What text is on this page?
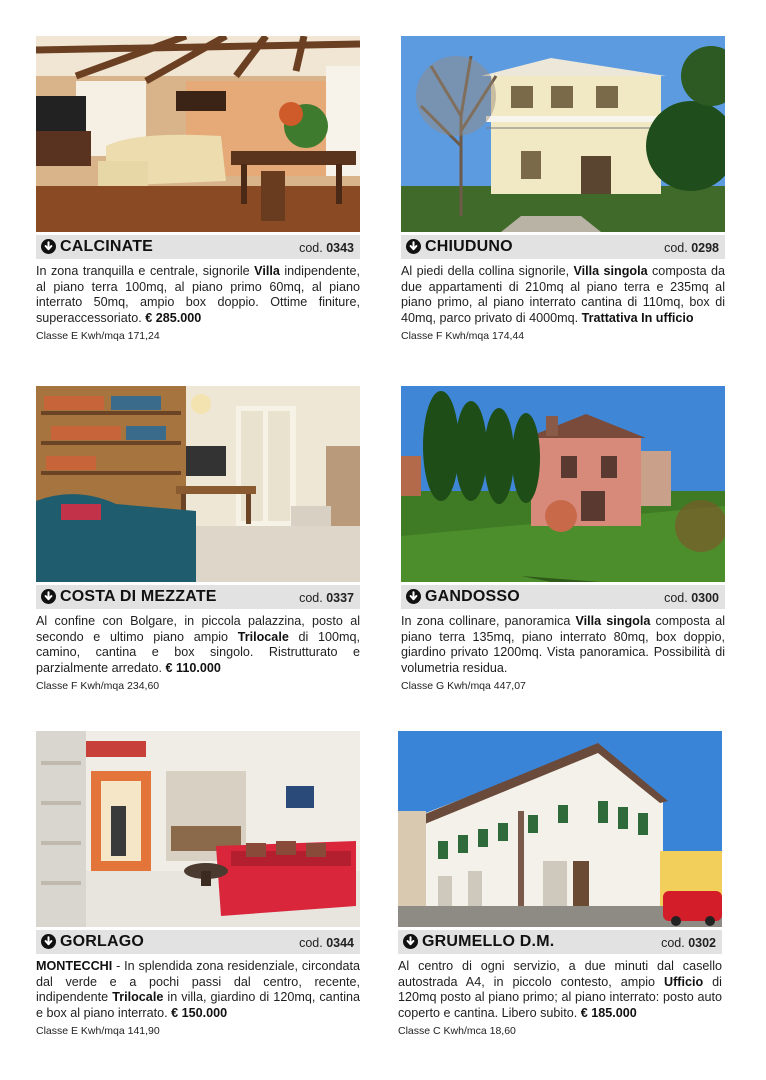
CALCINATE	cod. 0343
In zona tranquilla e centrale, signorile Villa indipendente, al piano terra 100mq, al piano primo 60mq, al piano interrato 50mq, ampio box doppio. Ottime finiture, superaccessoriato. € 285.000
Classe E Kwh/mqa 171,24
CHIUDUNO	cod. 0298
Al piedi della collina signorile, Villa singola composta da due appartamenti di 210mq al piano terra e 235mq al piano primo, al piano interrato cantina di 110mq, box di 40mq, parco privato di 4000mq. Trattativa In ufficio
Classe F Kwh/mqa 174,44
COSTA DI MEZZATE	cod. 0337
Al confine con Bolgare, in piccola palazzina, posto al secondo e ultimo piano ampio Trilocale di 100mq, camino, cantina e box singolo. Ristrutturato e parzialmente arredato. € 110.000
Classe F Kwh/mqa 234,60
GANDOSSO	cod. 0300
In zona collinare, panoramica Villa singola composta al piano terra 135mq, piano interrato 80mq, box doppio, giardino privato 1200mq. Vista panoramica. Possibilità di volumetria residua.
Classe G Kwh/mqa 447,07
GORLAGO	cod. 0344
MONTECCHI - In splendida zona residenziale, circondata dal verde e a pochi passi dal centro, recente, indipendente Trilocale in villa, giardino di 120mq, cantina e box al piano interrato. € 150.000
Classe E Kwh/mqa 141,90
GRUMELLO D.M.	cod. 0302
Al centro di ogni servizio, a due minuti dal casello autostrada A4, in piccolo contesto, ampio Ufficio di 120mq posto al piano primo; al piano interrato: posto auto coperto e cantina. Libero subito. € 185.000
Classe C Kwh/mca 18,60
